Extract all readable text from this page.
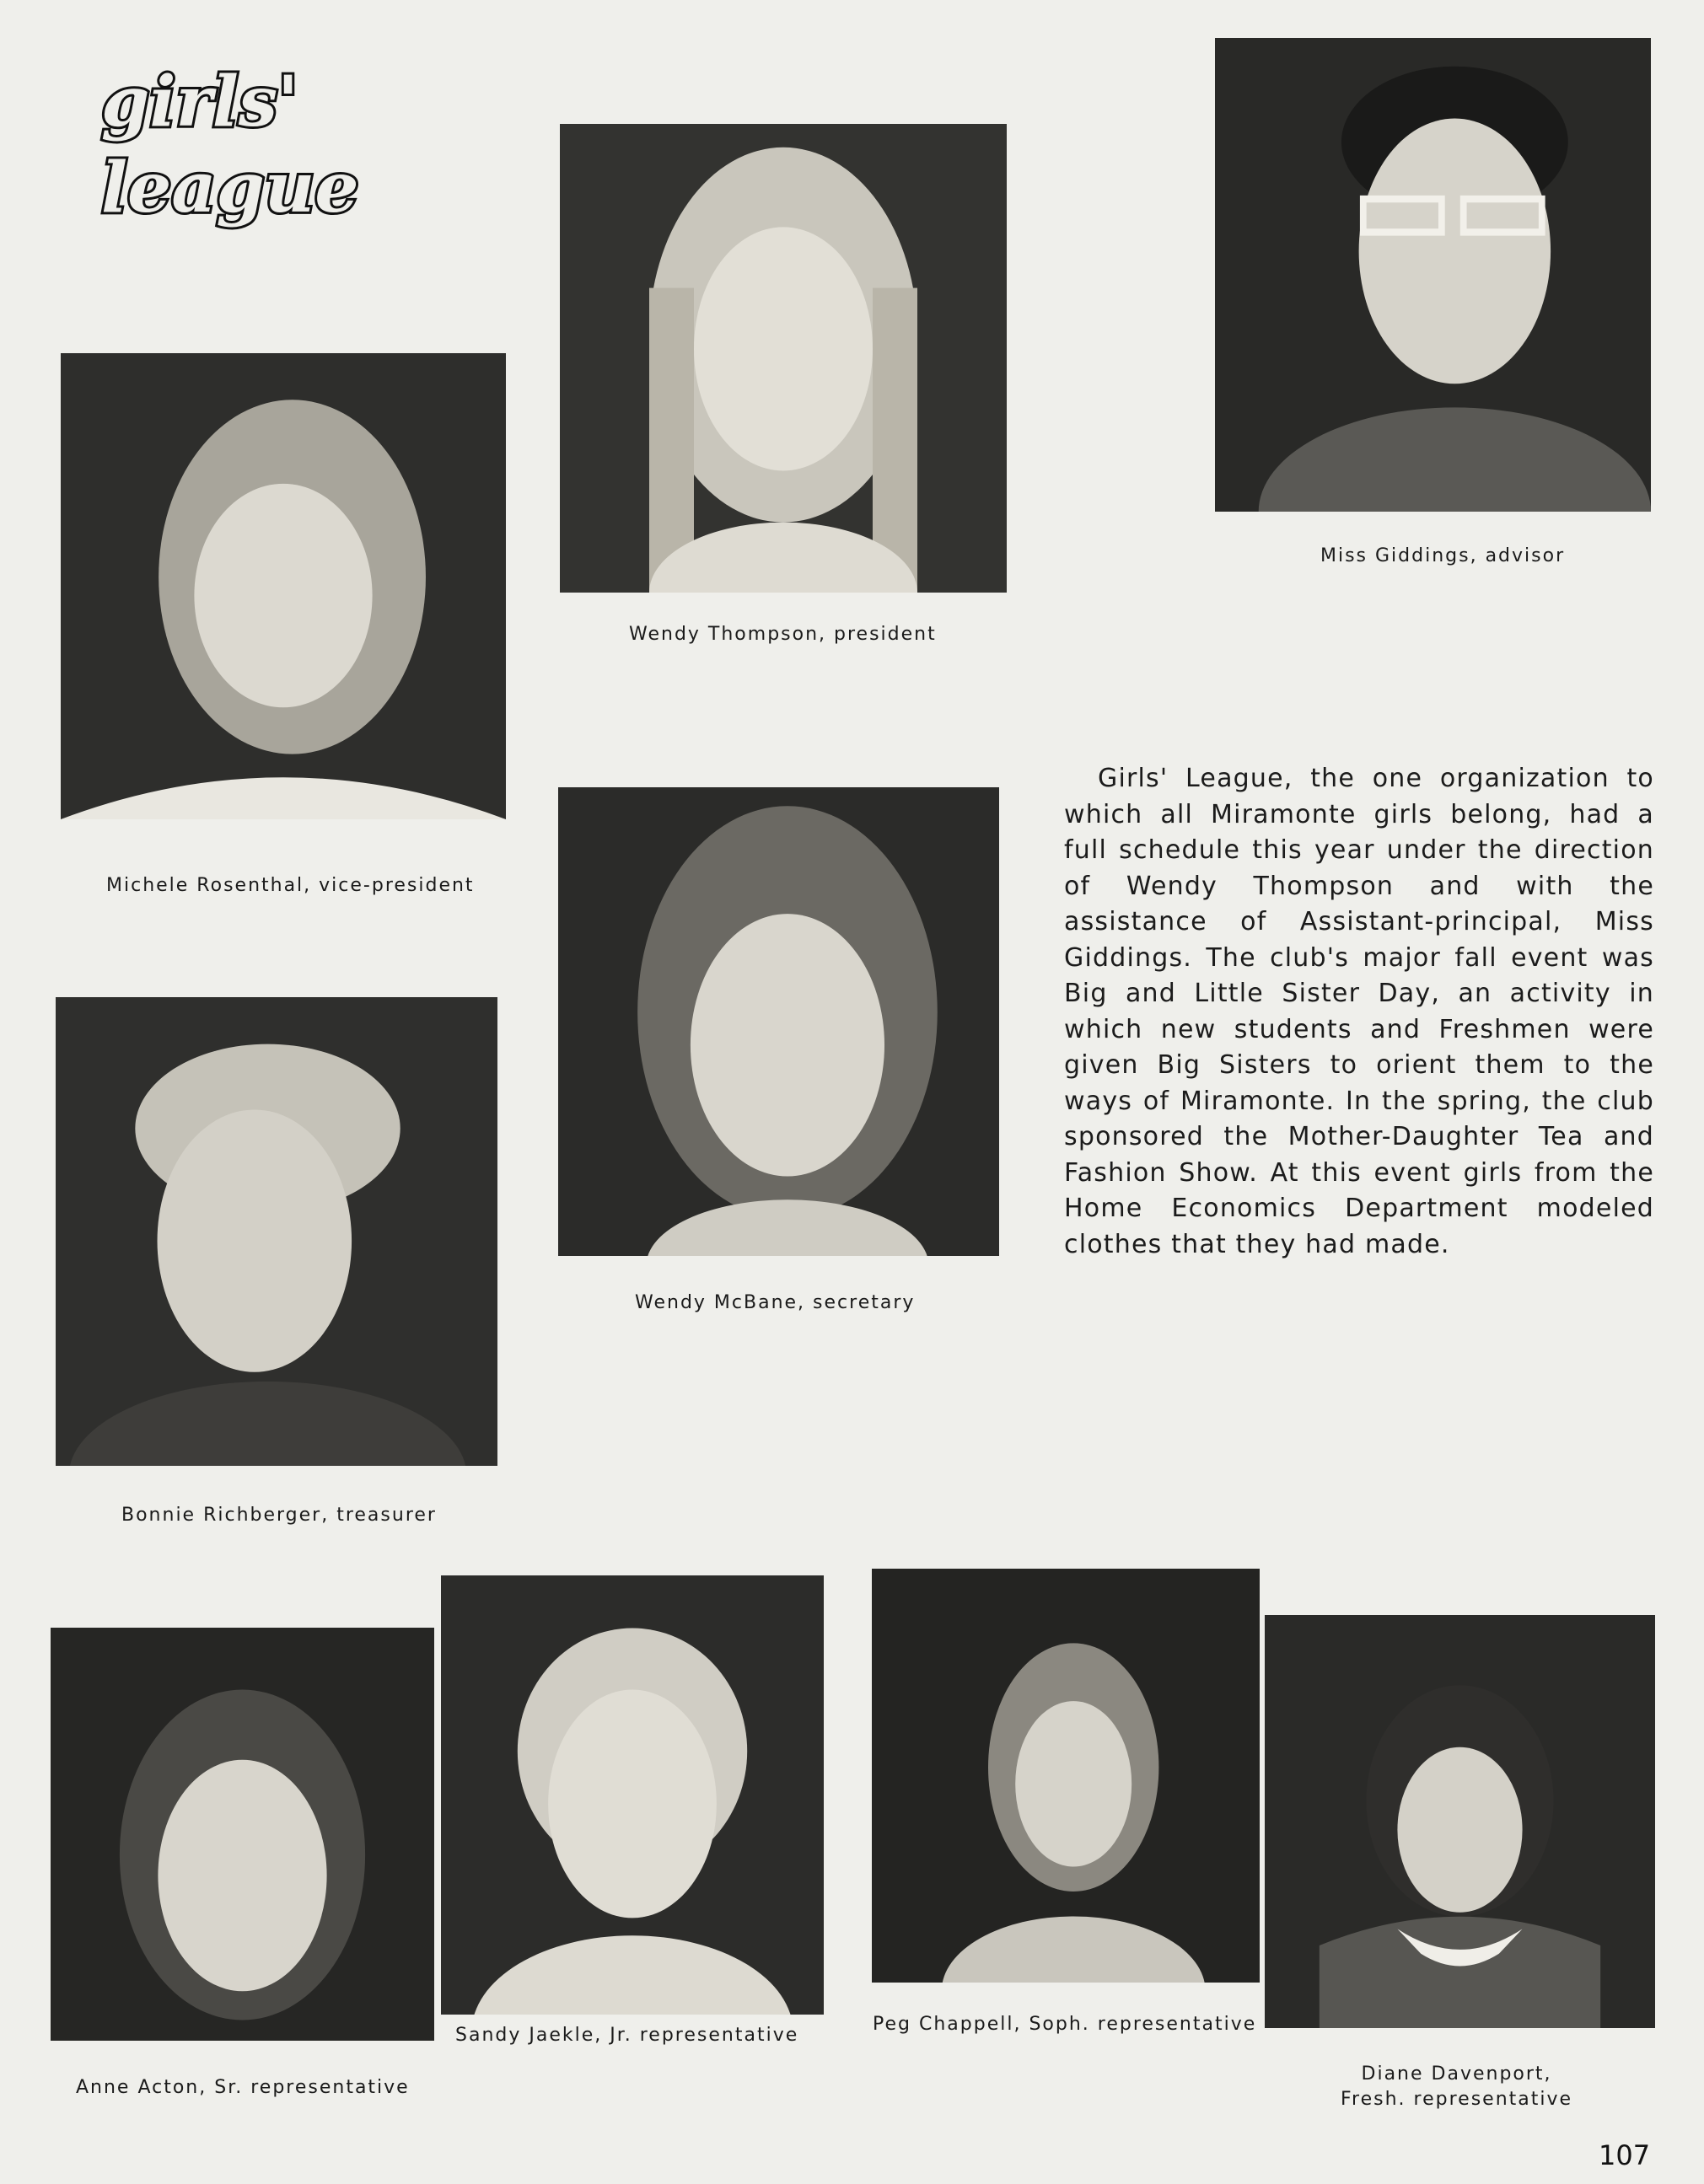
girls'
league
Wendy Thompson, president
Miss Giddings, advisor
Michele Rosenthal, vice-president
Wendy McBane, secretary
Bonnie Richberger, treasurer

Girls' League, the one organization to which all Miramonte girls belong, had a full schedule this year under the direction of Wendy Thompson and with the assistance of Assistant-principal, Miss Giddings. The club's major fall event was Big and Little Sister Day, an activity in which new students and Freshmen were given Big Sisters to orient them to the ways of Miramonte. In the spring, the club sponsored the Mother-Daughter Tea and Fashion Show. At this event girls from the Home Economics Department modeled clothes that they had made.

Anne Acton, Sr. representative
Sandy Jaekle, Jr. representative
Peg Chappell, Soph. representative
Diane Davenport,
Fresh. representative
107
